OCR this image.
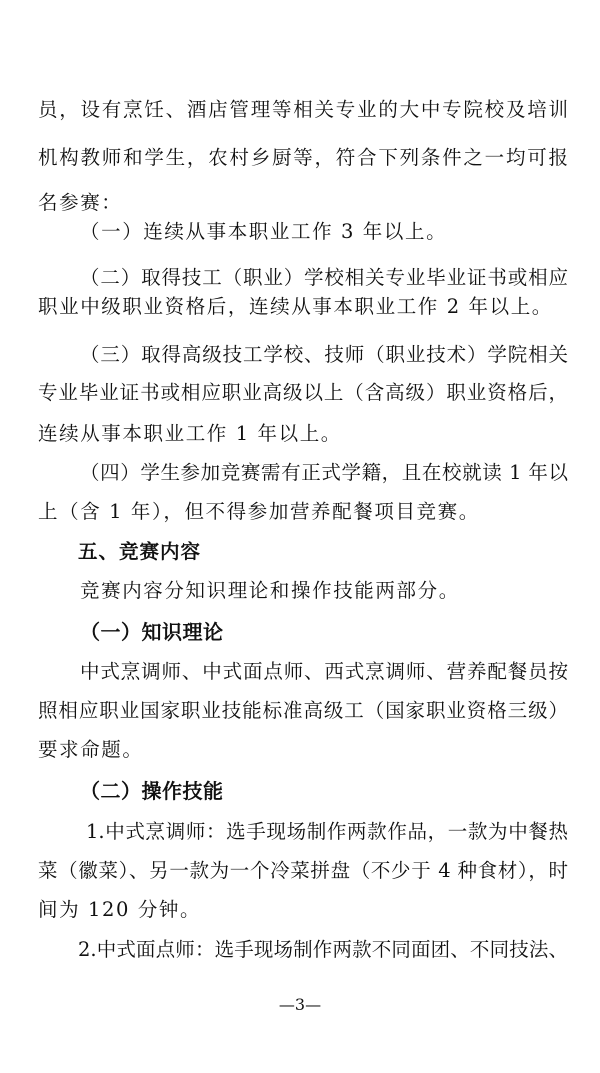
员，设有烹饪、酒店管理等相关专业的大中专院校及培训
机构教师和学生，农村乡厨等，符合下列条件之一均可报
名参赛：
（一）连续从事本职业工作 3 年以上。
（二）取得技工（职业）学校相关专业毕业证书或相应
职业中级职业资格后，连续从事本职业工作 2 年以上。
（三）取得高级技工学校、技师（职业技术）学院相关
专业毕业证书或相应职业高级以上（含高级）职业资格后，
连续从事本职业工作 1 年以上。
（四）学生参加竞赛需有正式学籍，且在校就读 1 年以
上（含 1 年），但不得参加营养配餐项目竞赛。
五、竞赛内容
竞赛内容分知识理论和操作技能两部分。
（一）知识理论
中式烹调师、中式面点师、西式烹调师、营养配餐员按
照相应职业国家职业技能标准高级工（国家职业资格三级）
要求命题。
（二）操作技能
1.中式烹调师：选手现场制作两款作品，一款为中餐热
菜（徽菜）、另一款为一个冷菜拼盘（不少于 4 种食材），时
间为 120 分钟。
2.中式面点师：选手现场制作两款不同面团、不同技法、
—3—
